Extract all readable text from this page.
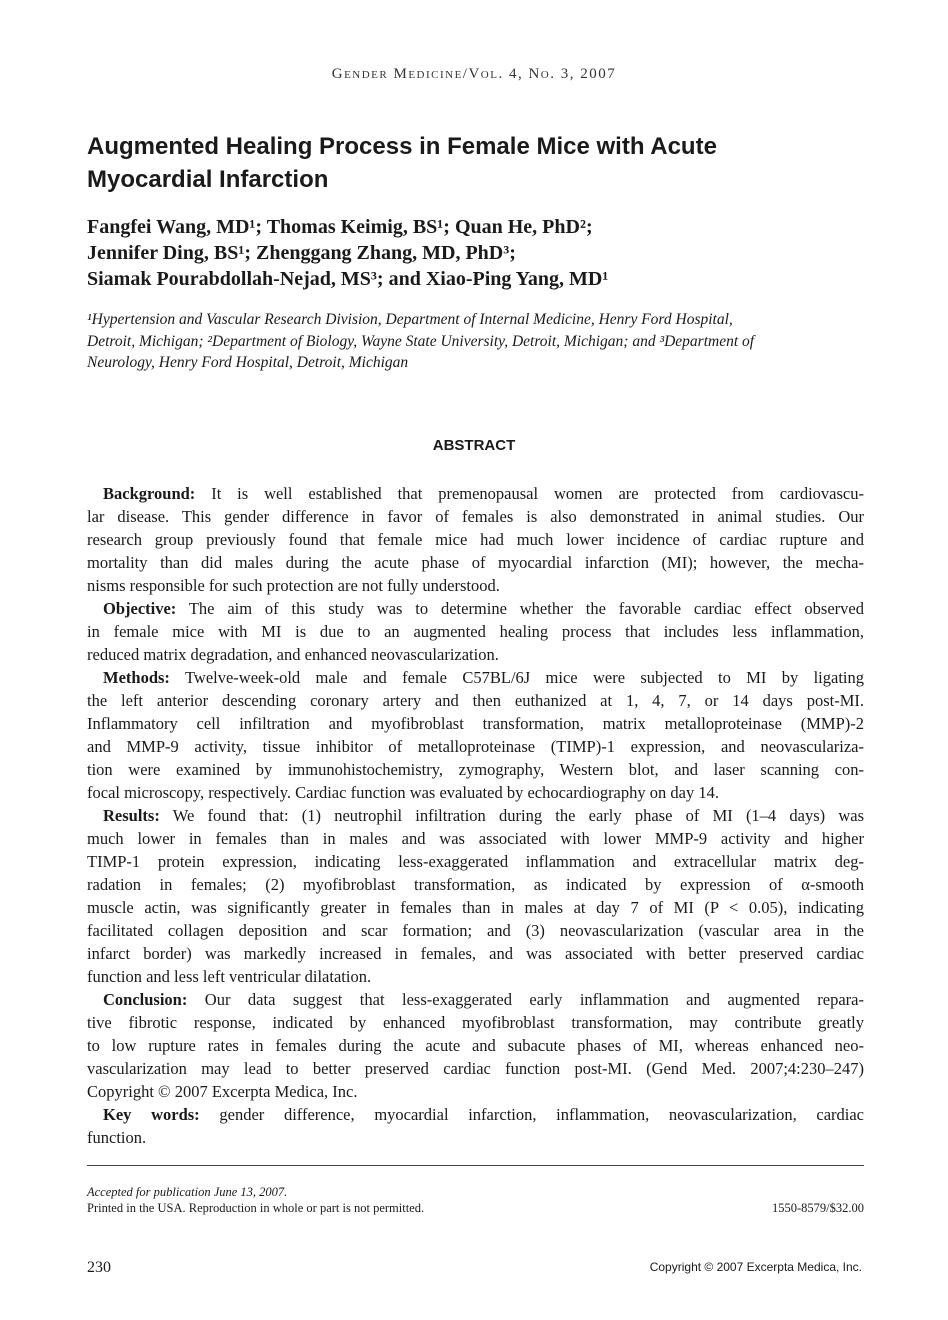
Gender Medicine/Vol. 4, No. 3, 2007
Augmented Healing Process in Female Mice with Acute
Myocardial Infarction
Fangfei Wang, MD¹; Thomas Keimig, BS¹; Quan He, PhD²;
Jennifer Ding, BS¹; Zhenggang Zhang, MD, PhD³;
Siamak Pourabdollah-Nejad, MS³; and Xiao-Ping Yang, MD¹
¹Hypertension and Vascular Research Division, Department of Internal Medicine, Henry Ford Hospital,
Detroit, Michigan; ²Department of Biology, Wayne State University, Detroit, Michigan; and ³Department of
Neurology, Henry Ford Hospital, Detroit, Michigan
ABSTRACT
Background: It is well established that premenopausal women are protected from cardiovascu-
lar disease. This gender difference in favor of females is also demonstrated in animal studies. Our
research group previously found that female mice had much lower incidence of cardiac rupture and
mortality than did males during the acute phase of myocardial infarction (MI); however, the mecha-
nisms responsible for such protection are not fully understood.
Objective: The aim of this study was to determine whether the favorable cardiac effect observed
in female mice with MI is due to an augmented healing process that includes less inflammation,
reduced matrix degradation, and enhanced neovascularization.
Methods: Twelve-week-old male and female C57BL/6J mice were subjected to MI by ligating
the left anterior descending coronary artery and then euthanized at 1, 4, 7, or 14 days post-MI.
Inflammatory cell infiltration and myofibroblast transformation, matrix metalloproteinase (MMP)-2
and MMP-9 activity, tissue inhibitor of metalloproteinase (TIMP)-1 expression, and neovasculariza-
tion were examined by immunohistochemistry, zymography, Western blot, and laser scanning con-
focal microscopy, respectively. Cardiac function was evaluated by echocardiography on day 14.
Results: We found that: (1) neutrophil infiltration during the early phase of MI (1–4 days) was
much lower in females than in males and was associated with lower MMP-9 activity and higher
TIMP-1 protein expression, indicating less-exaggerated inflammation and extracellular matrix deg-
radation in females; (2) myofibroblast transformation, as indicated by expression of α-smooth
muscle actin, was significantly greater in females than in males at day 7 of MI (P < 0.05), indicating
facilitated collagen deposition and scar formation; and (3) neovascularization (vascular area in the
infarct border) was markedly increased in females, and was associated with better preserved cardiac
function and less left ventricular dilatation.
Conclusion: Our data suggest that less-exaggerated early inflammation and augmented repara-
tive fibrotic response, indicated by enhanced myofibroblast transformation, may contribute greatly
to low rupture rates in females during the acute and subacute phases of MI, whereas enhanced neo-
vascularization may lead to better preserved cardiac function post-MI. (Gend Med. 2007;4:230–247)
Copyright © 2007 Excerpta Medica, Inc.
Key words: gender difference, myocardial infarction, inflammation, neovascularization, cardiac
function.
Accepted for publication June 13, 2007.
Printed in the USA. Reproduction in whole or part is not permitted.	1550-8579/$32.00
230	Copyright © 2007 Excerpta Medica, Inc.
